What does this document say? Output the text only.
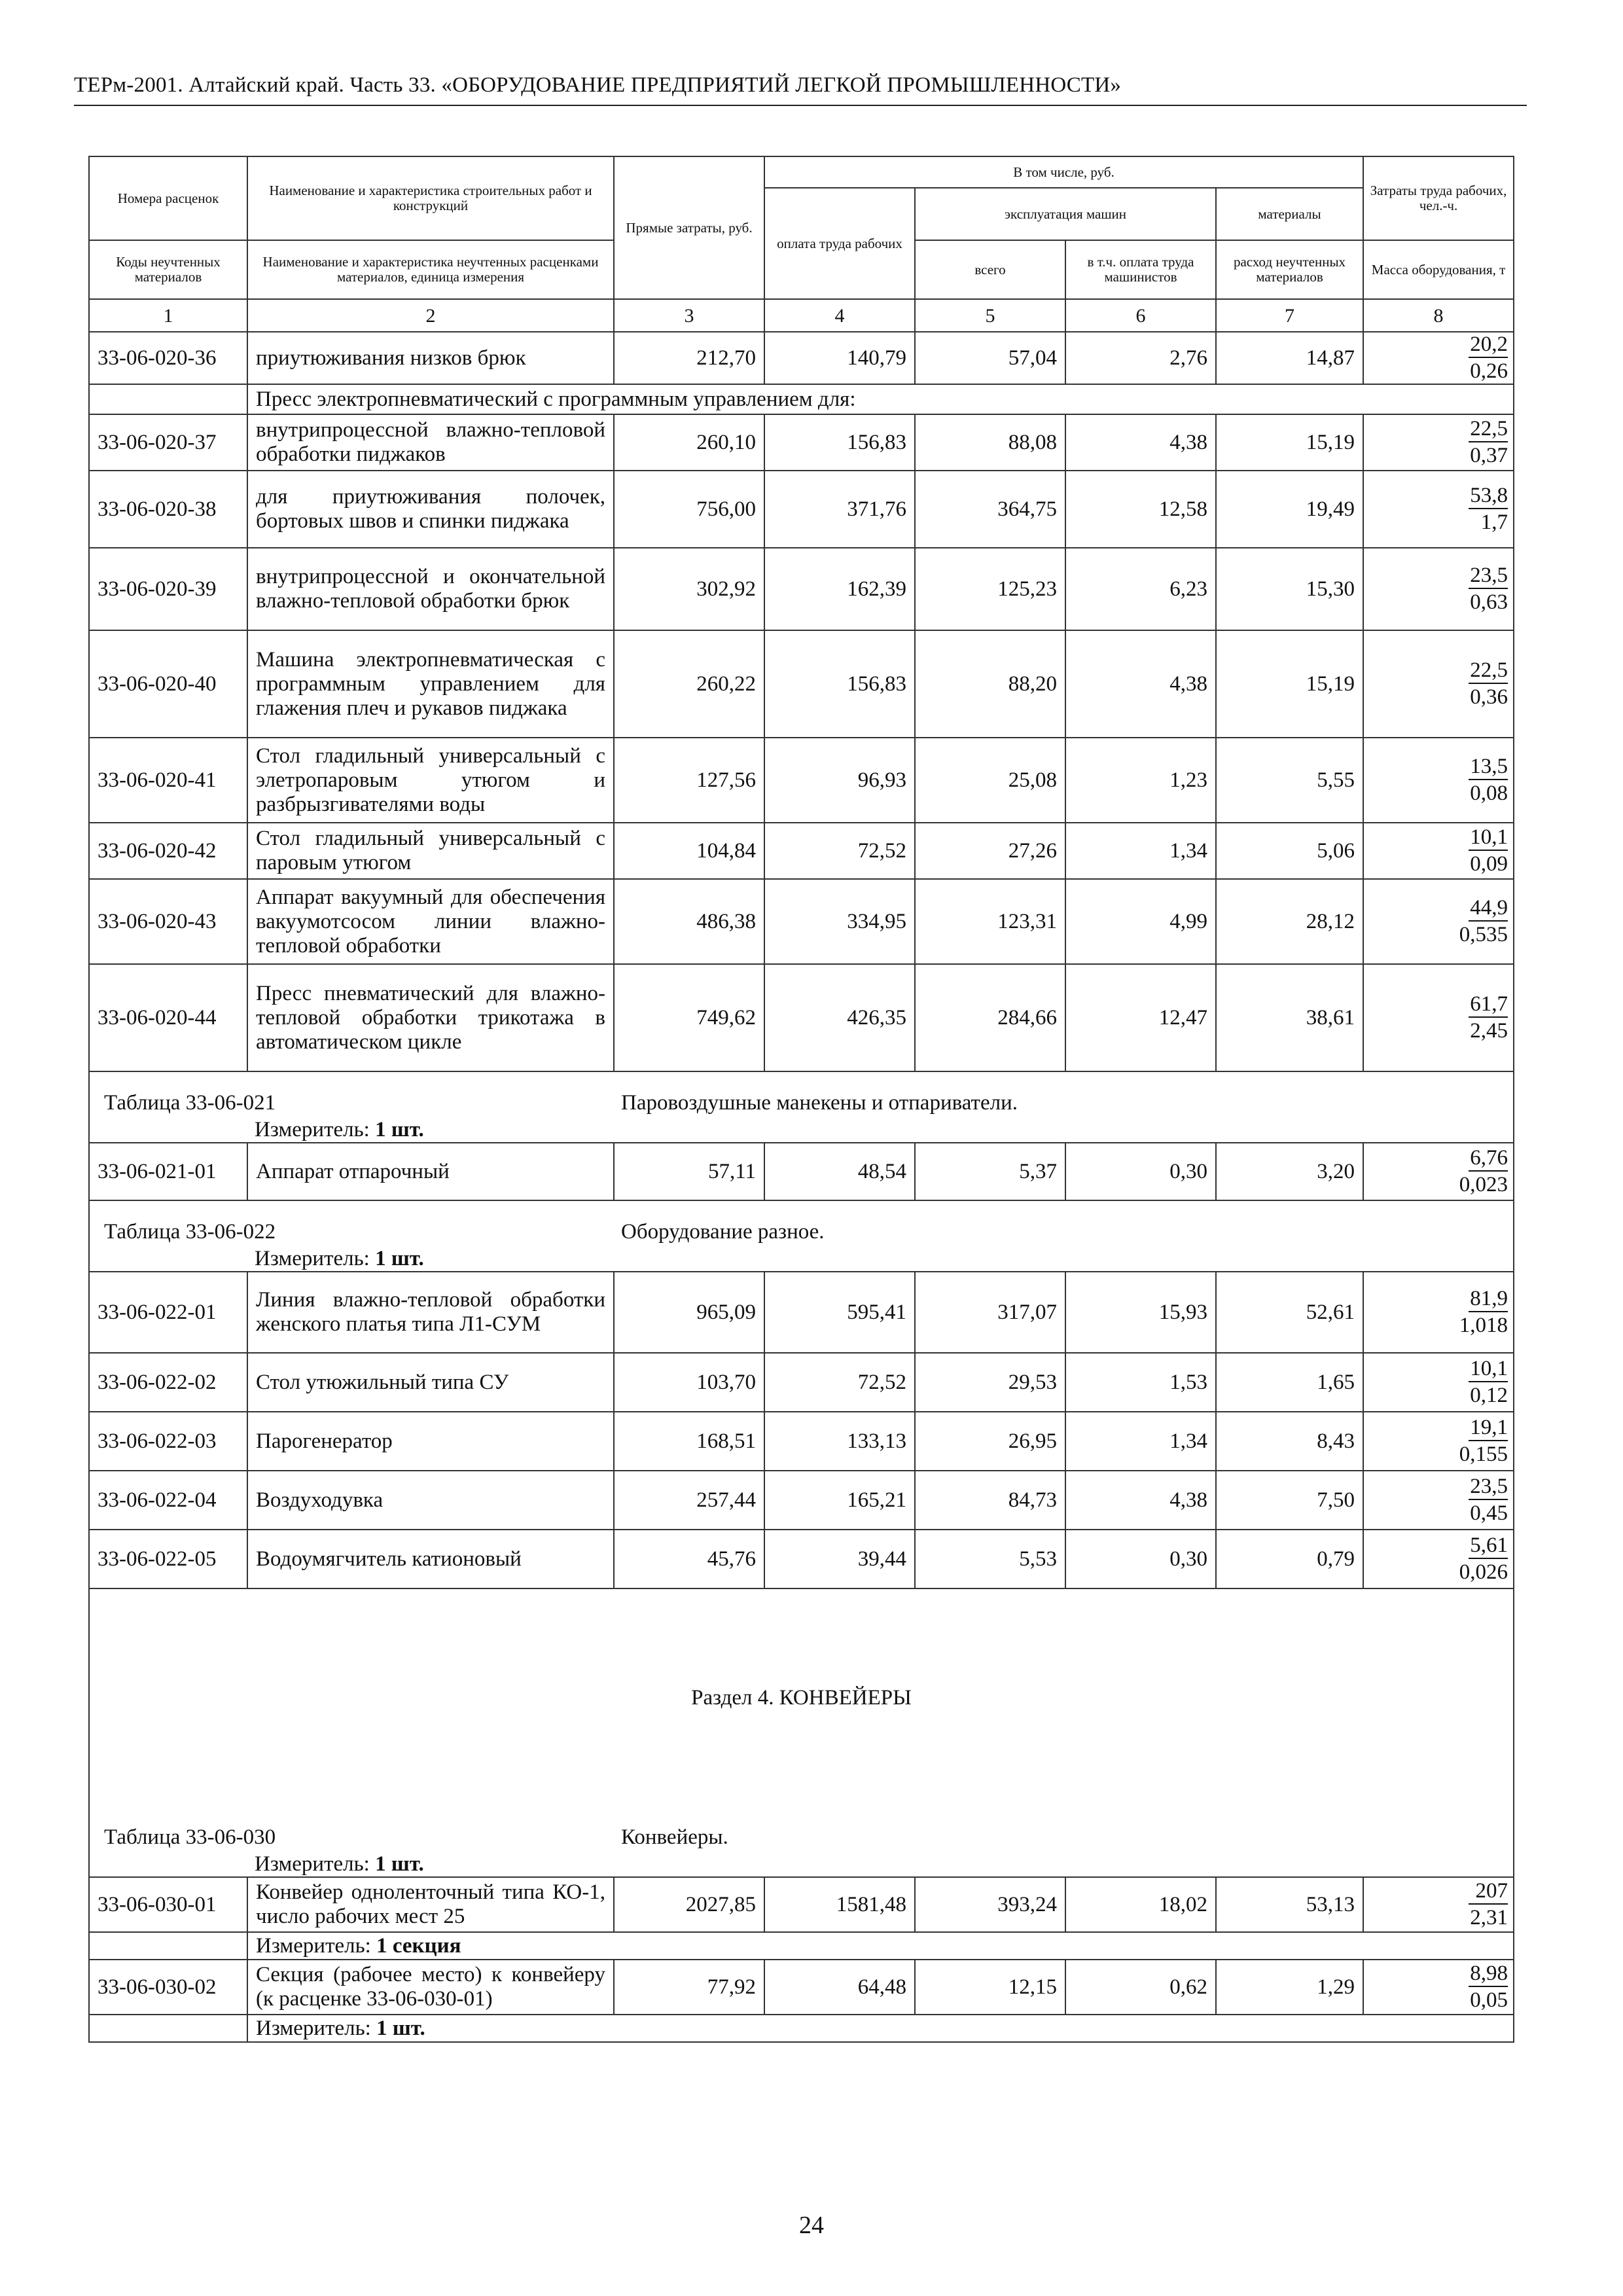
ТЕРм-2001. Алтайский край. Часть 33. «ОБОРУДОВАНИЕ ПРЕДПРИЯТИЙ ЛЕГКОЙ ПРОМЫШЛЕННОСТИ»
Номера расценок	Наименование и характеристика строительных работ и конструкций	Прямые затраты, руб.	В том числе, руб.				Затраты труда рабочих, чел.-ч.
			оплата труда рабочих	эксплуатация машин		материалы	
Коды неучтенных материалов	Наименование и характеристика неучтенных расценками материалов, единица измерения			всего	в т.ч. оплата труда машинистов	расход неучтенных материалов	Масса оборудования, т
1	2	3	4	5	6	7	8
33-06-020-36	приутюживания низков брюк	212,70	140,79	57,04	2,76	14,87	$\frac{20,2}{0,26}$

	Пресс электропневматический с программным управлением для:						
33-06-020-37	внутрипроцессной влажно-тепловой обработки пиджаков	260,10	156,83	88,08	4,38	15,19	$\frac{22,5}{0,37}$

33-06-020-38	для приутюживания полочек, бортовых швов и спинки пиджака	756,00	371,76	364,75	12,58	19,49	$\frac{53,8}{1,7}$

33-06-020-39	внутрипроцессной и окончательной влажно-тепловой обработки брюк	302,92	162,39	125,23	6,23	15,30	$\frac{23,5}{0,63}$

33-06-020-40	Машина электропневматическая с программным управлением для глажения плеч и рукавов пиджака	260,22	156,83	88,20	4,38	15,19	$\frac{22,5}{0,36}$

33-06-020-41	Стол гладильный универсальный с элетропаровым утюгом и разбрызгивателями воды	127,56	96,93	25,08	1,23	5,55	$\frac{13,5}{0,08}$

33-06-020-42	Стол гладильный универсальный с паровым утюгом	104,84	72,52	27,26	1,34	5,06	$\frac{10,1}{0,09}$

33-06-020-43	Аппарат вакуумный для обеспечения вакуумотсосом линии влажно-тепловой обработки	486,38	334,95	123,31	4,99	28,12	$\frac{44,9}{0,535}$

33-06-020-44	Пресс пневматический для влажно-тепловой обработки трикотажа в автоматическом цикле	749,62	426,35	284,66	12,47	38,61	$\frac{61,7}{2,45}$

Таблица 33-06-021 Паровоздушные манекены и отпариватели.							

Измеритель: 1 шт.							
33-06-021-01	Аппарат отпарочный	57,11	48,54	5,37	0,30	3,20	$\frac{6,76}{0,023}$

Таблица 33-06-022 Оборудование разное.							

Измеритель: 1 шт.							
33-06-022-01	Линия влажно-тепловой обработки женского платья типа Л1-СУМ	965,09	595,41	317,07	15,93	52,61	$\frac{81,9}{1,018}$

33-06-022-02	Стол утюжильный типа СУ	103,70	72,52	29,53	1,53	1,65	$\frac{10,1}{0,12}$

33-06-022-03	Парогенератор	168,51	133,13	26,95	1,34	8,43	$\frac{19,1}{0,155}$

33-06-022-04	Воздуходувка	257,44	165,21	84,73	4,38	7,50	$\frac{23,5}{0,45}$

33-06-022-05	Водоумягчитель катионовый	45,76	39,44	5,53	0,30	0,79	$\frac{5,61}{0,026}$

Раздел 4. КОНВЕЙЕРЫ							

Таблица 33-06-030 Конвейеры.							

Измеритель: 1 шт.							
33-06-030-01	Конвейер одноленточный типа КО-1, число рабочих мест 25	2027,85	1581,48	393,24	18,02	53,13	$\frac{207}{2,31}$

	Измеритель: 1 секция						
33-06-030-02	Секция (рабочее место) к конвейеру (к расценке 33-06-030-01)	77,92	64,48	12,15	0,62	1,29	$\frac{8,98}{0,05}$

	Измеритель: 1 шт.						
24
